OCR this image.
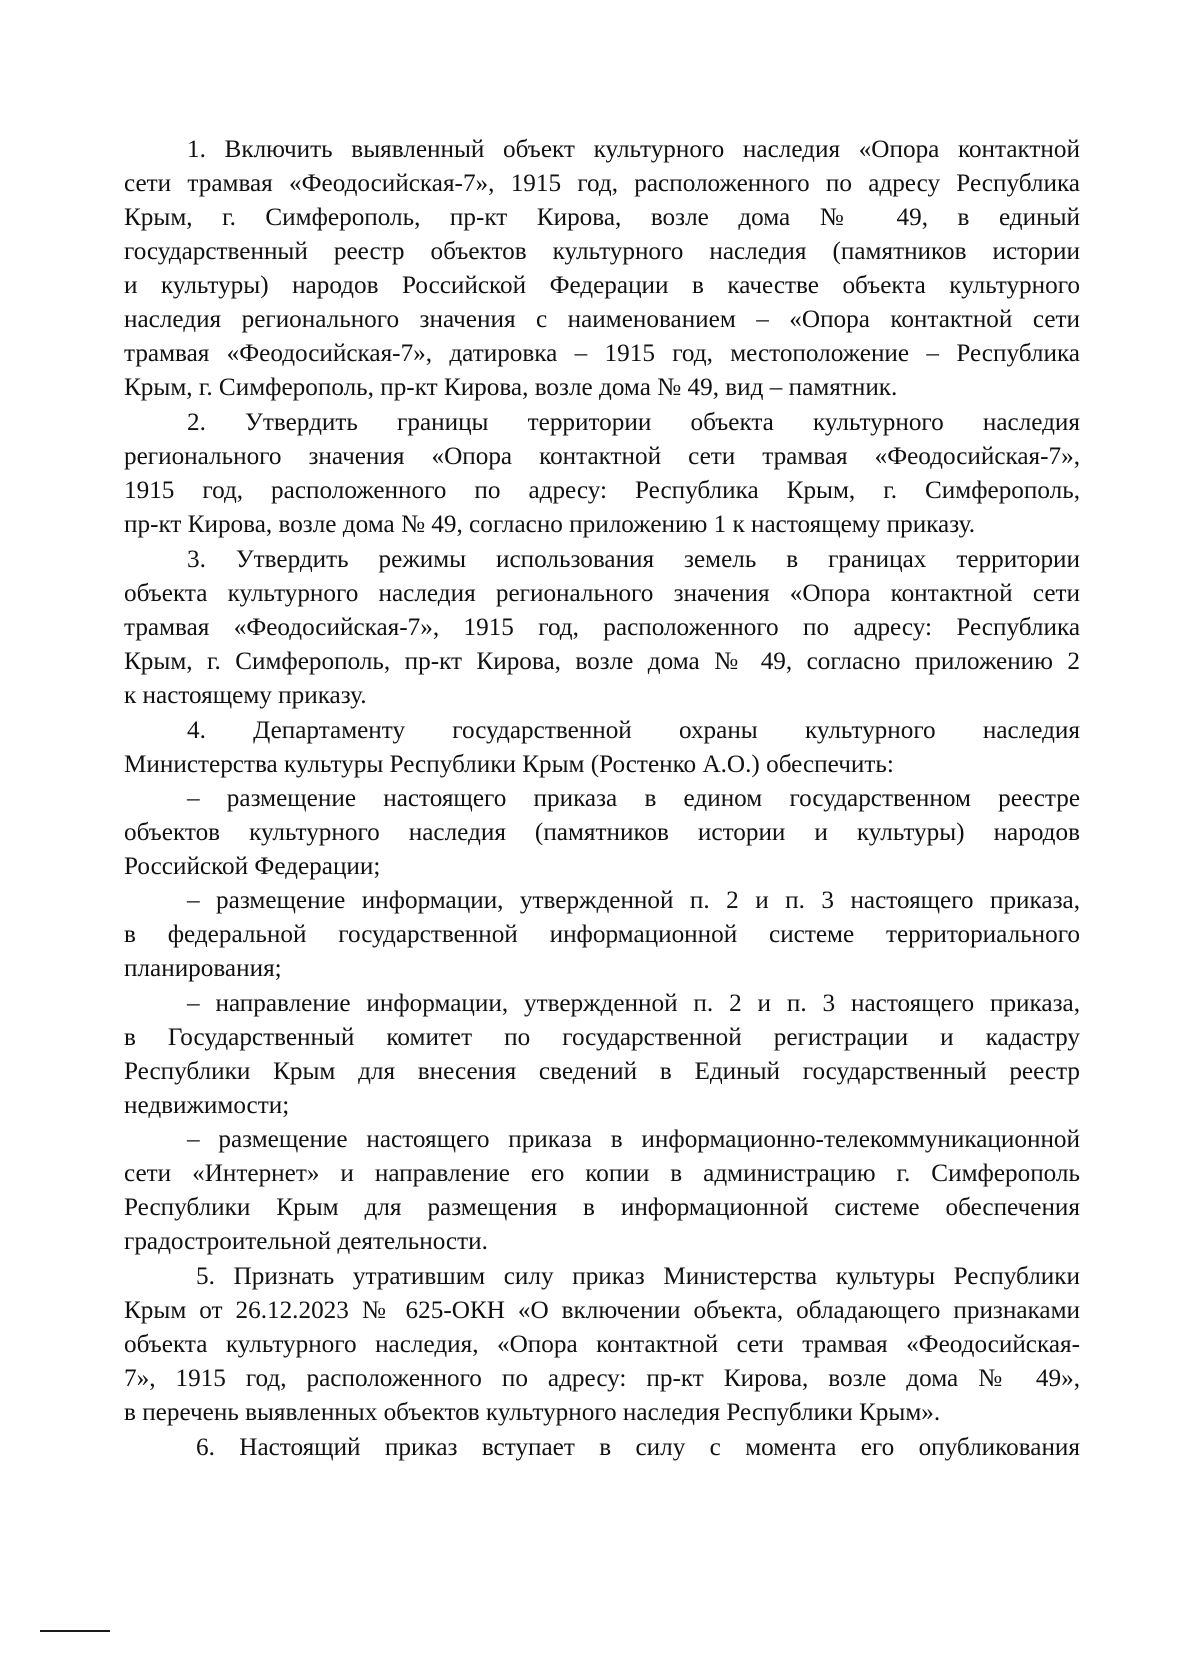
1. Включить выявленный объект культурного наследия «Опора контактной
сети трамвая «Феодосийская-7», 1915 год, расположенного по адресу Республика
Крым, г. Симферополь, пр-кт Кирова, возле дома № 49, в единый
государственный реестр объектов культурного наследия (памятников истории
и культуры) народов Российской Федерации в качестве объекта культурного
наследия регионального значения с наименованием – «Опора контактной сети
трамвая «Феодосийская-7», датировка – 1915 год, местоположение – Республика
Крым, г. Симферополь, пр-кт Кирова, возле дома № 49, вид – памятник.
2. Утвердить границы территории объекта культурного наследия
регионального значения «Опора контактной сети трамвая «Феодосийская-7»,
1915 год, расположенного по адресу: Республика Крым, г. Симферополь,
пр-кт Кирова, возле дома № 49, согласно приложению 1 к настоящему приказу.
3. Утвердить режимы использования земель в границах территории
объекта культурного наследия регионального значения «Опора контактной сети
трамвая «Феодосийская-7», 1915 год, расположенного по адресу: Республика
Крым, г. Симферополь, пр-кт Кирова, возле дома № 49, согласно приложению 2
к настоящему приказу.
4. Департаменту государственной охраны культурного наследия
Министерства культуры Республики Крым (Ростенко А.О.) обеспечить:
– размещение настоящего приказа в едином государственном реестре
объектов культурного наследия (памятников истории и культуры) народов
Российской Федерации;
– размещение информации, утвержденной п. 2 и п. 3 настоящего приказа,
в федеральной государственной информационной системе территориального
планирования;
– направление информации, утвержденной п. 2 и п. 3 настоящего приказа,
в Государственный комитет по государственной регистрации и кадастру
Республики Крым для внесения сведений в Единый государственный реестр
недвижимости;
– размещение настоящего приказа в информационно-телекоммуникационной
сети «Интернет» и направление его копии в администрацию г. Симферополь
Республики Крым для размещения в информационной системе обеспечения
градостроительной деятельности.
5. Признать утратившим силу приказ Министерства культуры Республики
Крым от 26.12.2023 № 625-ОКН «О включении объекта, обладающего признаками
объекта культурного наследия, «Опора контактной сети трамвая «Феодосийская-
7», 1915 год, расположенного по адресу: пр-кт Кирова, возле дома № 49»,
в перечень выявленных объектов культурного наследия Республики Крым».
6. Настоящий приказ вступает в силу с момента его опубликования
